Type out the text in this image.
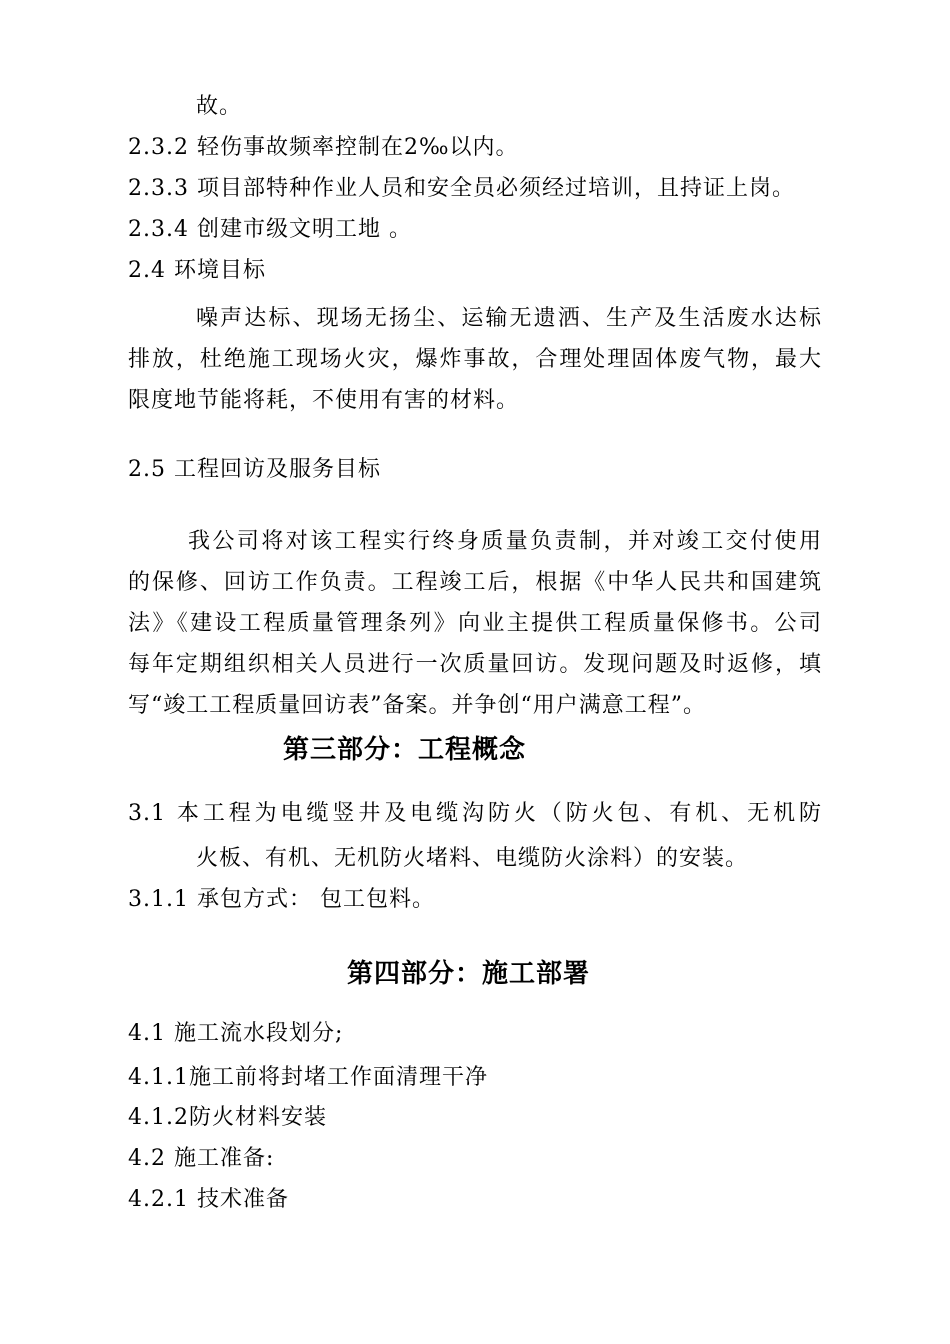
故。
2.3.2 轻伤事故频率控制在2‰以内。
2.3.3 项目部特种作业人员和安全员必须经过培训，且持证上岗。
2.3.4 创建市级文明工地 。
2.4 环境目标
噪声达标、现场无扬尘、运输无遗洒、生产及生活废水达标
排放，杜绝施工现场火灾，爆炸事故，合理处理固体废气物，最大
限度地节能将耗，不使用有害的材料。
2.5 工程回访及服务目标
我公司将对该工程实行终身质量负责制，并对竣工交付使用
的保修、回访工作负责。工程竣工后，根据《中华人民共和国建筑
法》《建设工程质量管理条列》向业主提供工程质量保修书。公司
每年定期组织相关人员进行一次质量回访。发现问题及时返修，填
写“竣工工程质量回访表”备案。并争创“用户满意工程”。
第三部分：工程概念
3.1 本工程为电缆竖井及电缆沟防火（防火包、有机、无机防
火板、有机、无机防火堵料、电缆防火涂料）的安装。
3.1.1 承包方式： 包工包料。
第四部分：施工部署
4.1 施工流水段划分;
4.1.1施工前将封堵工作面清理干净
4.1.2防火材料安装
4.2 施工准备:
4.2.1 技术准备
